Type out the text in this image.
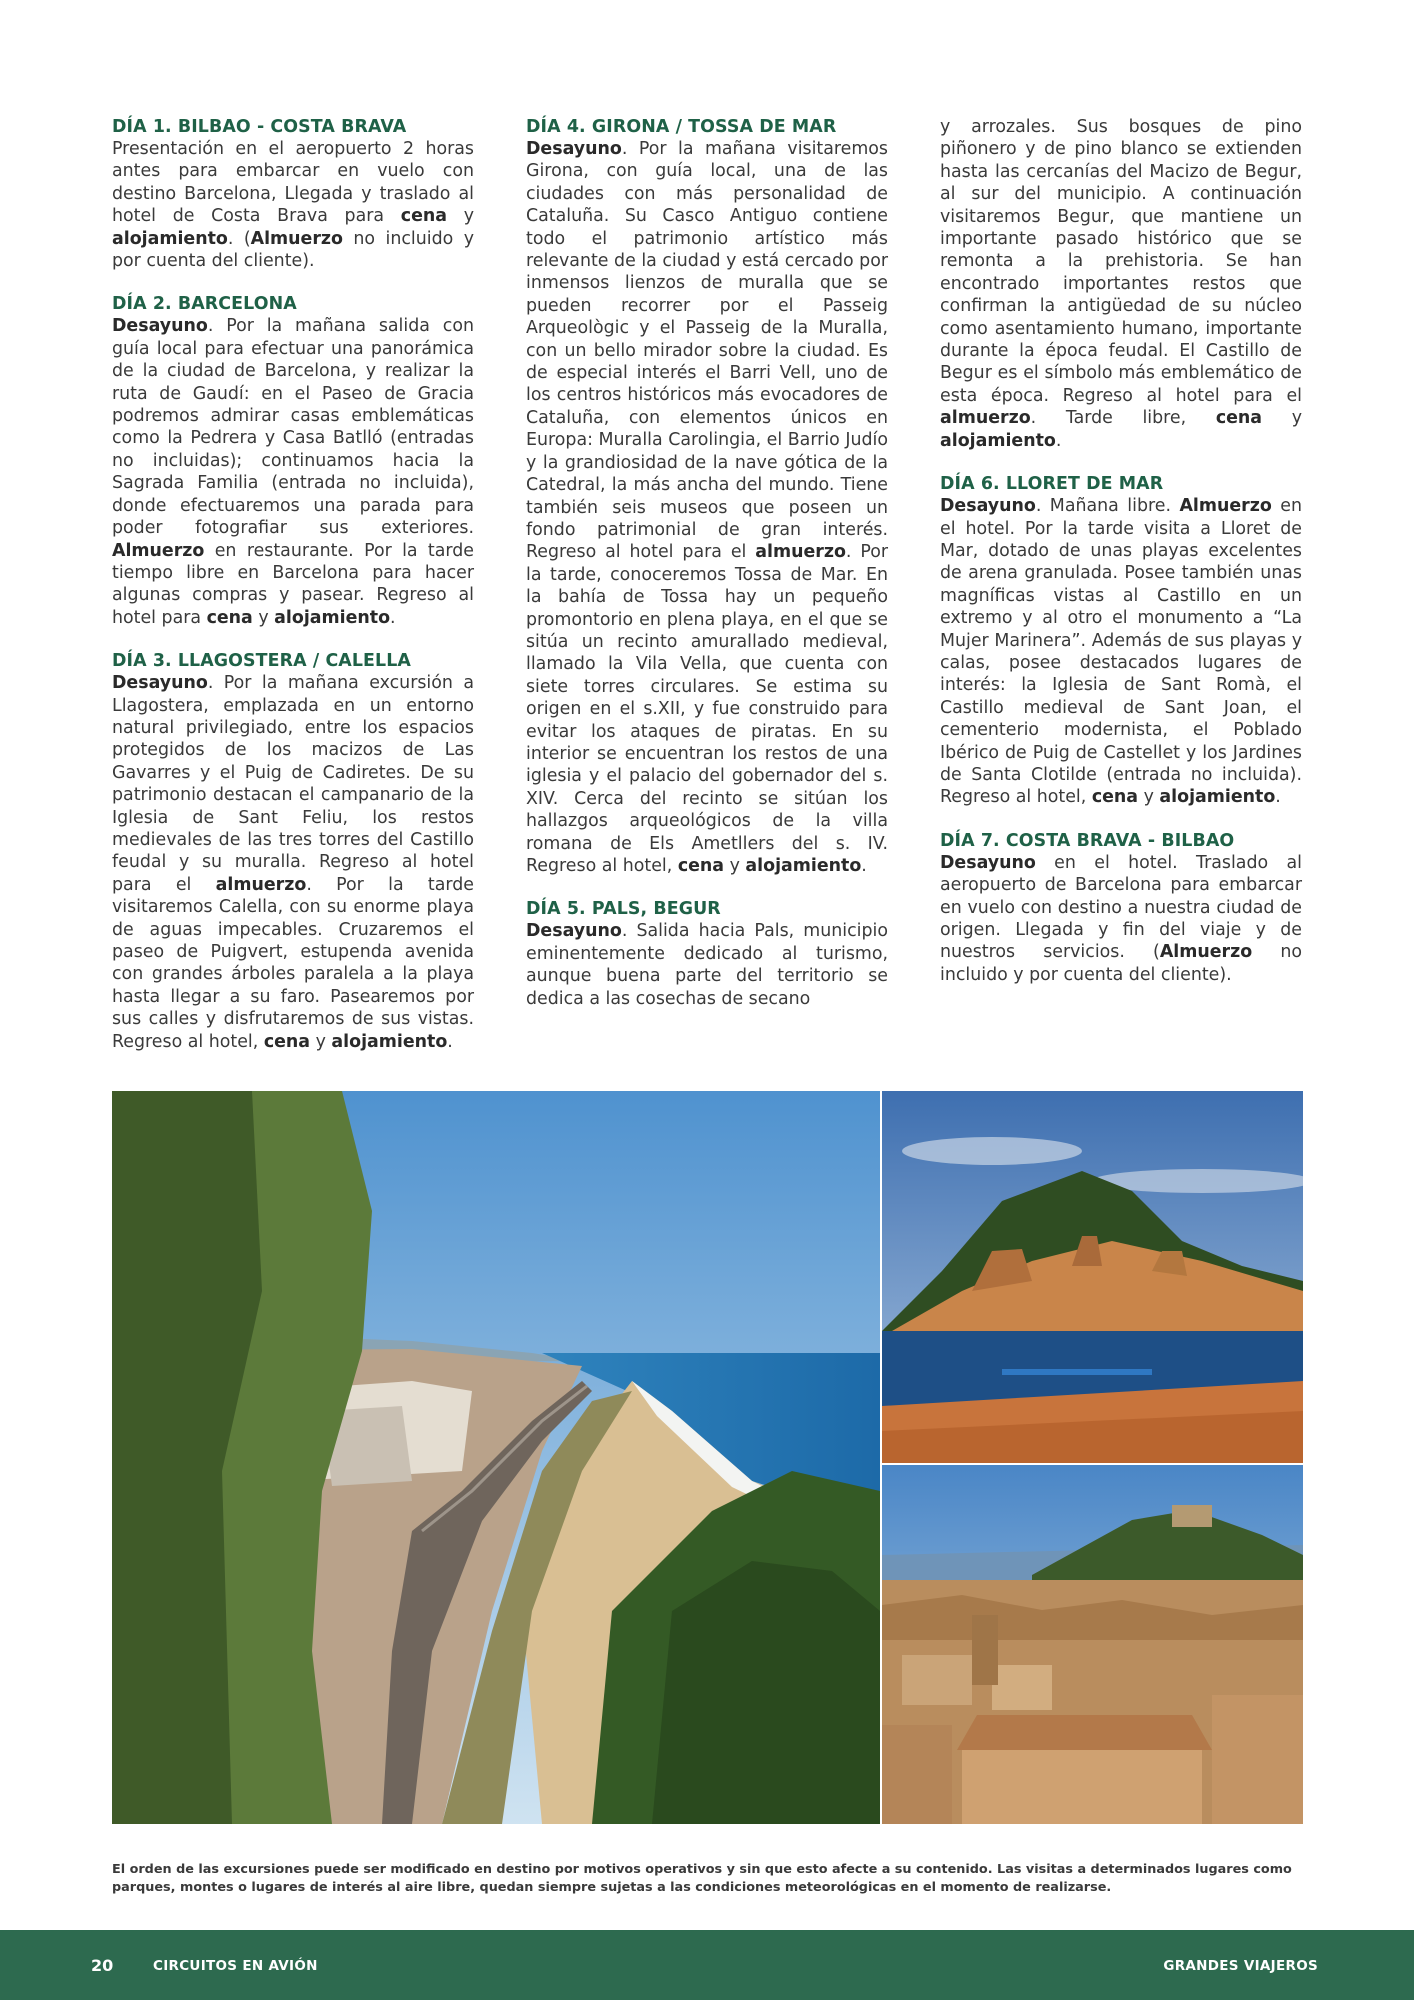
DÍA 1. BILBAO - COSTA BRAVA

Presentación en el aeropuerto 2 horas antes para embarcar en vuelo con destino Barcelona, Llegada y traslado al hotel de Costa Brava para cena y alojamiento. (Almuerzo no incluido y por cuenta del cliente).

DÍA 2. BARCELONA

Desayuno. Por la mañana salida con guía local para efectuar una panorámica de la ciudad de Barcelona, y realizar la ruta de Gaudí: en el Paseo de Gracia podremos admirar casas emblemáticas como la Pedrera y Casa Batlló (entradas no incluidas); continuamos hacia la Sagrada Familia (entrada no incluida), donde efectuaremos una parada para poder fotografiar sus exteriores. Almuerzo en restaurante. Por la tarde tiempo libre en Barcelona para hacer algunas compras y pasear. Regreso al hotel para cena y alojamiento.

DÍA 3. LLAGOSTERA / CALELLA

Desayuno. Por la mañana excursión a Llagostera, emplazada en un entorno natural privilegiado, entre los espacios protegidos de los macizos de Las Gavarres y el Puig de Cadiretes. De su patrimonio destacan el campanario de la Iglesia de Sant Feliu, los restos medievales de las tres torres del Castillo feudal y su muralla. Regreso al hotel para el almuerzo. Por la tarde visitaremos Calella, con su enorme playa de aguas impecables. Cruzaremos el paseo de Puigvert, estupenda avenida con grandes árboles paralela a la playa hasta llegar a su faro. Pasearemos por sus calles y disfrutaremos de sus vistas. Regreso al hotel, cena y alojamiento.

DÍA 4. GIRONA / TOSSA DE MAR

Desayuno. Por la mañana visitaremos Girona, con guía local, una de las ciudades con más personalidad de Cataluña. Su Casco Antiguo contiene todo el patrimonio artístico más relevante de la ciudad y está cercado por inmensos lienzos de muralla que se pueden recorrer por el Passeig Arqueològic y el Passeig de la Muralla, con un bello mirador sobre la ciudad. Es de especial interés el Barri Vell, uno de los centros históricos más evocadores de Cataluña, con elementos únicos en Europa: Muralla Carolingia, el Barrio Judío y la grandiosidad de la nave gótica de la Catedral, la más ancha del mundo. Tiene también seis museos que poseen un fondo patrimonial de gran interés. Regreso al hotel para el almuerzo. Por la tarde, conoceremos Tossa de Mar. En la bahía de Tossa hay un pequeño promontorio en plena playa, en el que se sitúa un recinto amurallado medieval, llamado la Vila Vella, que cuenta con siete torres circulares. Se estima su origen en el s.XII, y fue construido para evitar los ataques de piratas. En su interior se encuentran los restos de una iglesia y el palacio del gobernador del s. XIV. Cerca del recinto se sitúan los hallazgos arqueológicos de la villa romana de Els Ametllers del s. IV. Regreso al hotel, cena y alojamiento.

DÍA 5. PALS, BEGUR

Desayuno. Salida hacia Pals, municipio eminentemente dedicado al turismo, aunque buena parte del territorio se dedica a las cosechas de secano

y arrozales. Sus bosques de pino piñonero y de pino blanco se extienden hasta las cercanías del Macizo de Begur, al sur del municipio. A continuación visitaremos Begur, que mantiene un importante pasado histórico que se remonta a la prehistoria. Se han encontrado importantes restos que confirman la antigüedad de su núcleo como asentamiento humano, importante durante la época feudal. El Castillo de Begur es el símbolo más emblemático de esta época. Regreso al hotel para el almuerzo. Tarde libre, cena y alojamiento.

DÍA 6. LLORET DE MAR

Desayuno. Mañana libre. Almuerzo en el hotel. Por la tarde visita a Lloret de Mar, dotado de unas playas excelentes de arena granulada. Posee también unas magníficas vistas al Castillo en un extremo y al otro el monumento a “La Mujer Marinera”. Además de sus playas y calas, posee destacados lugares de interés: la Iglesia de Sant Romà, el Castillo medieval de Sant Joan, el cementerio modernista, el Poblado Ibérico de Puig de Castellet y los Jardines de Santa Clotilde (entrada no incluida). Regreso al hotel, cena y alojamiento.

DÍA 7. COSTA BRAVA - BILBAO

Desayuno en el hotel. Traslado al aeropuerto de Barcelona para embarcar en vuelo con destino a nuestra ciudad de origen. Llegada y fin del viaje y de nuestros servicios. (Almuerzo no incluido y por cuenta del cliente).

El orden de las excursiones puede ser modificado en destino por motivos operativos y sin que esto afecte a su contenido. Las visitas a determinados lugares como parques, montes o lugares de interés al aire libre, quedan siempre sujetas a las condiciones meteorológicas en el momento de realizarse.

20	CIRCUITOS EN AVIÓN	GRANDES VIAJEROS
